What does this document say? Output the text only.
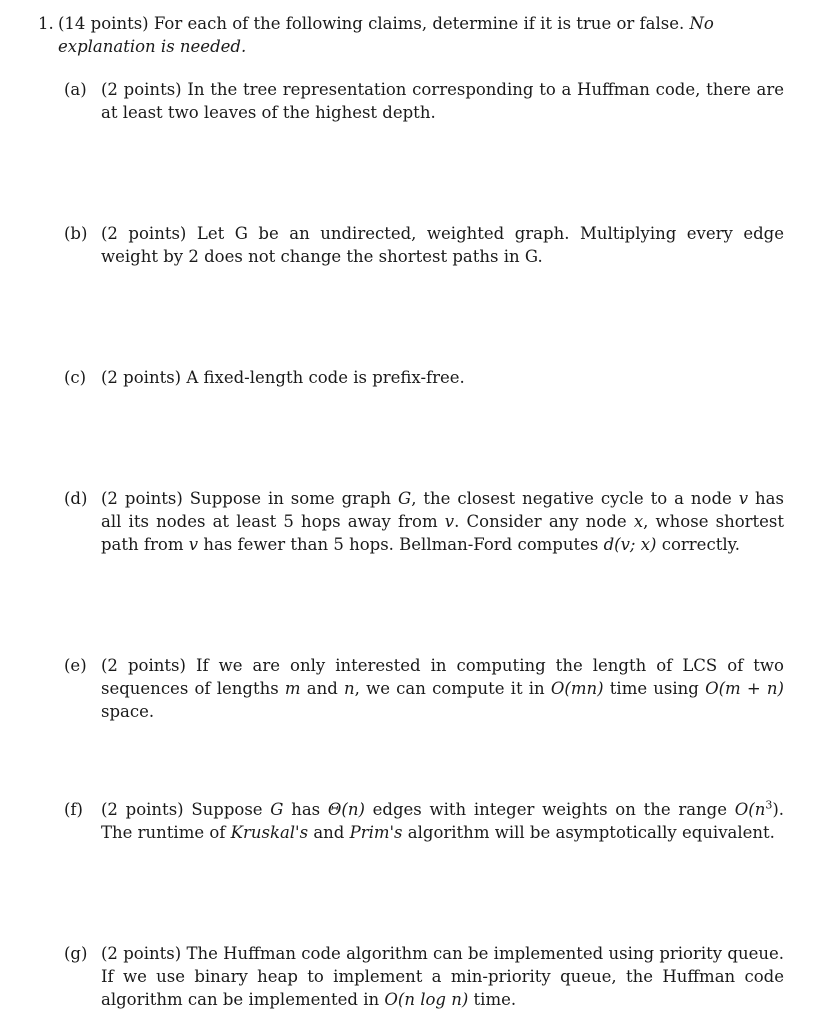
1. (14 points) For each of the following claims, determine if it is true or false. No explanation is needed.
(a) (2 points) In the tree representation corresponding to a Huffman code, there are at least two leaves of the highest depth.
(b) (2 points) Let G be an undirected, weighted graph. Multiplying every edge weight by 2 does not change the shortest paths in G.
(c) (2 points) A fixed-length code is prefix-free.
(d) (2 points) Suppose in some graph G, the closest negative cycle to a node v has all its nodes at least 5 hops away from v. Consider any node x, whose shortest path from v has fewer than 5 hops. Bellman-Ford computes d(v; x) correctly.
(e) (2 points) If we are only interested in computing the length of LCS of two sequences of lengths m and n, we can compute it in O(mn) time using O(m + n) space.
(f) (2 points) Suppose G has Θ(n) edges with integer weights on the range $O(n^3)$. The runtime of Kruskal's and Prim's algorithm will be asymptotically equivalent.
(g) (2 points) The Huffman code algorithm can be implemented using priority queue. If we use binary heap to implement a min-priority queue, the Huffman code algorithm can be implemented in O(n log n) time.
